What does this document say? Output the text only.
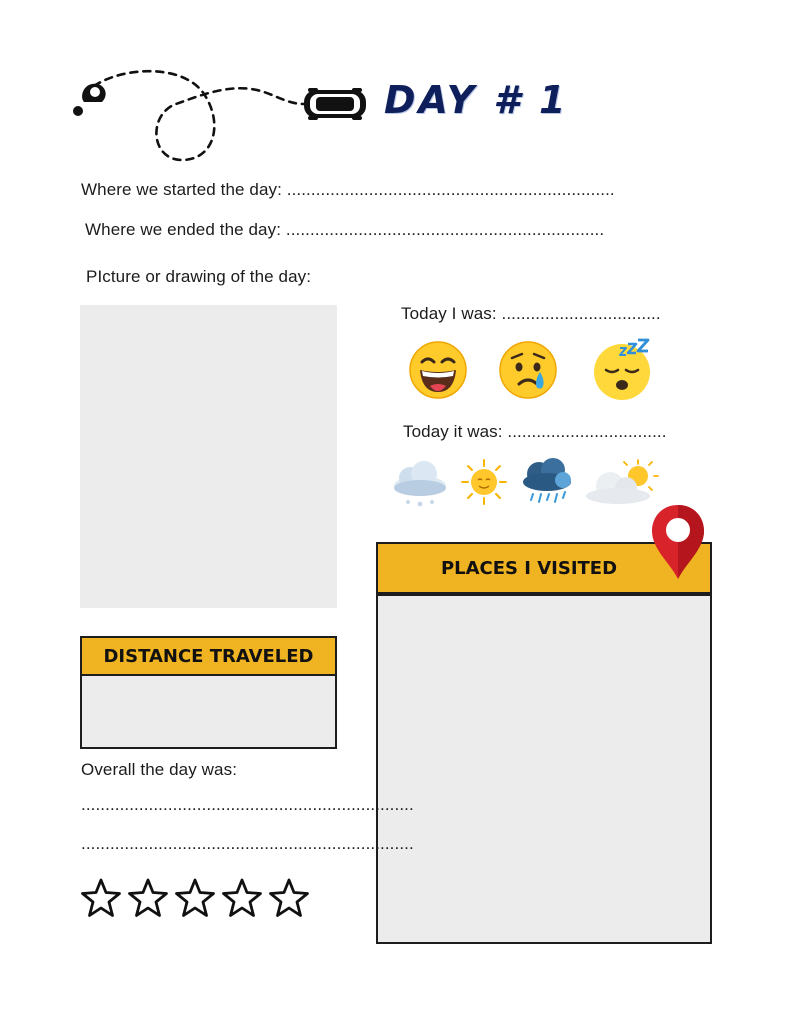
DAY # 1
Where we started the day: ....................................................................
Where we ended the day: ..................................................................
PIcture or drawing of the day:
Today I was: .................................
Today it was: .................................
PLACES I VISITED
DISTANCE TRAVELED
Overall the day was:
.....................................................................
.....................................................................
